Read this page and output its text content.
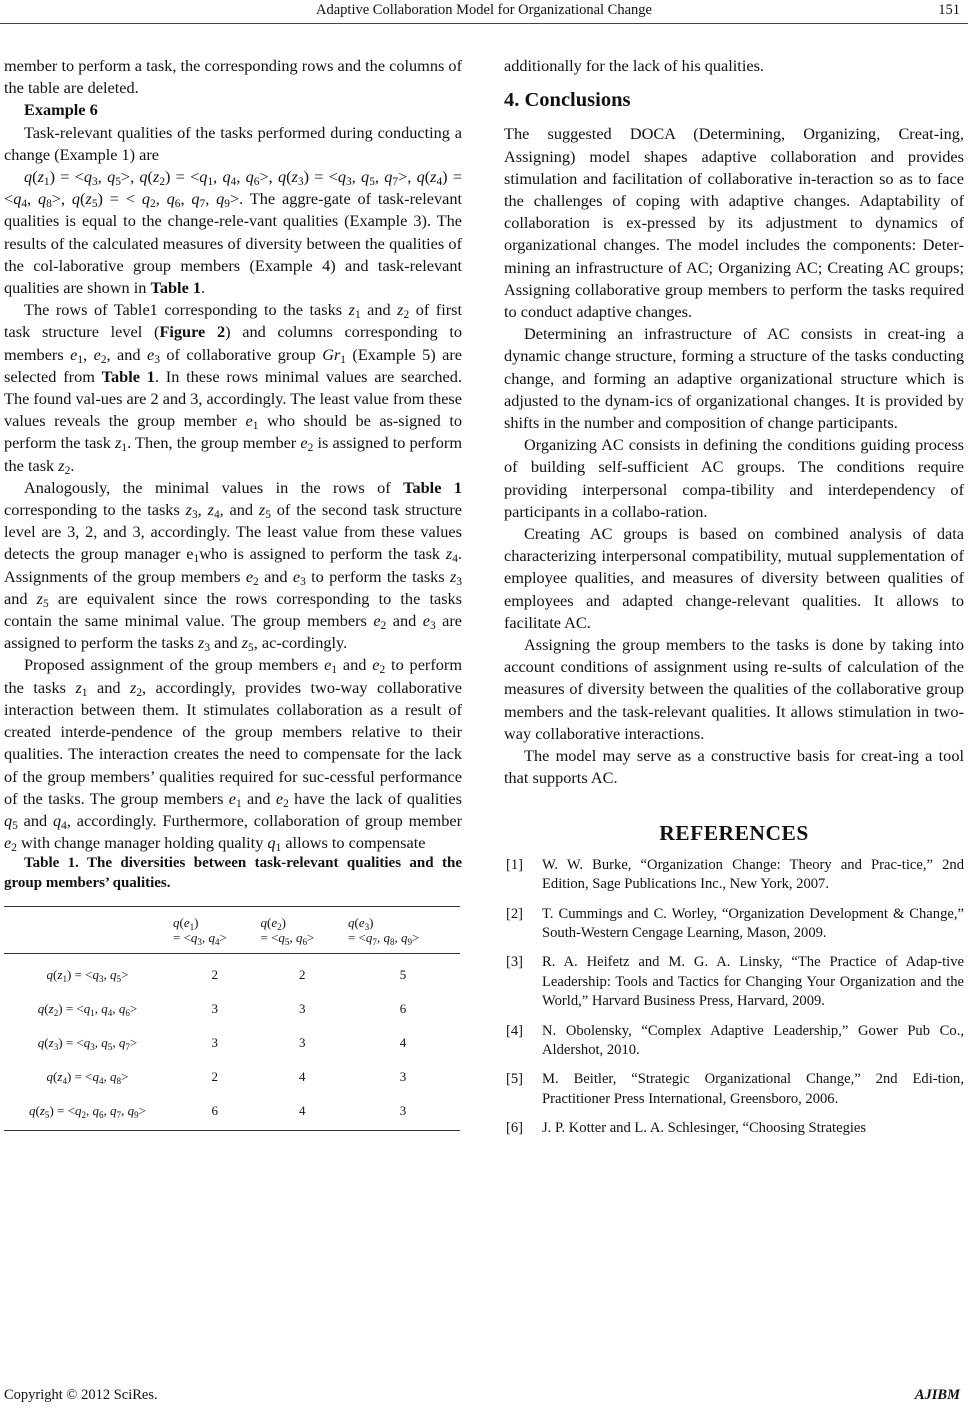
Adaptive Collaboration Model for Organizational Change	151

member to perform a task, the corresponding rows and the columns of the table are deleted.

Example 6

Task-relevant qualities of the tasks performed during conducting a change (Example 1) are

$q(z_1) = <q_3$, $q_5>$, $q(z_2) = <q_1$, $q_4$, $q_6>$, $q(z_3) = <q_3$, $q_5$, $q_7>$, $q(z_4) = <q_4$, $q_8>$, $q(z_5)$ = < $q_2$, $q_6$, $q_7$, $q_9>$. The aggre-gate of task-relevant qualities is equal to the change-rele-vant qualities (Example 3). The results of the calculated measures of diversity between the qualities of the col-laborative group members (Example 4) and task-relevant qualities are shown in Table 1.

The rows of Table1 corresponding to the tasks $z_1$ and $z_2$ of first task structure level (Figure 2) and columns corresponding to members $e_1$, $e_2$, and $e_3$ of collaborative group $Gr_1$ (Example 5) are selected from Table 1. In these rows minimal values are searched. The found val-ues are 2 and 3, accordingly. The least value from these values reveals the group member $e_1$ who should be as-signed to perform the task $z_1$. Then, the group member $e_2$ is assigned to perform the task $z_2$.

Analogously, the minimal values in the rows of Table 1 corresponding to the tasks $z_3$, $z_4$, and $z_5$ of the second task structure level are 3, 2, and 3, accordingly. The least value from these values detects the group manager $e_1who$ is assigned to perform the task $z_4$. Assignments of the group members $e_2$ and $e_3$ to perform the tasks $z_3$ and $z_5$ are equivalent since the rows corresponding to the tasks contain the same minimal value. The group members $e_2$ and $e_3$ are assigned to perform the tasks $z_3$ and $z_5$, ac-cordingly.

Proposed assignment of the group members $e_1$ and $e_2$ to perform the tasks $z_1$ and $z_2$, accordingly, provides two-way collaborative interaction between them. It stimulates collaboration as a result of created interde-pendence of the group members relative to their qualities. The interaction creates the need to compensate for the lack of the group members’ qualities required for suc-cessful performance of the tasks. The group members $e_1$ and $e_2$ have the lack of qualities $q_5$ and $q_4$, accordingly. Furthermore, collaboration of group member $e_2$ with change manager holding quality $q_1$ allows to compensate

Table 1. The diversities between task-relevant qualities and the group members’ qualities.

	$q(e_1)$
= $<q_3$, $q_4>$	$q(e_2)$
= $<q_5$, $q_6>$	$q(e_3)$
= $<q_7$, $q_8$, $q_9>$
$q(z_1) = <q_3$, $q_5>$	2	2	5
$q(z_2) = <q_1$, $q_4$, $q_6>$	3	3	6
$q(z_3) = <q_3$, $q_5$, $q_7>$	3	3	4
$q(z_4) = <q_4$, $q_8>$	2	4	3
$q(z_5) = <q_2$, $q_6$, $q_7$, $q_9>$	6	4	3

additionally for the lack of his qualities.

4. Conclusions

The suggested DOCA (Determining, Organizing, Creat-ing, Assigning) model shapes adaptive collaboration and provides stimulation and facilitation of collaborative in-teraction so as to face the challenges of coping with adaptive changes. Adaptability of collaboration is ex-pressed by its adjustment to dynamics of organizational changes. The model includes the components: Deter-mining an infrastructure of AC; Organizing AC; Creating AC groups; Assigning collaborative group members to perform the tasks required to conduct adaptive changes.

Determining an infrastructure of AC consists in creat-ing a dynamic change structure, forming a structure of the tasks conducting change, and forming an adaptive organizational structure which is adjusted to the dynam-ics of organizational changes. It is provided by shifts in the number and composition of change participants.

Organizing AC consists in defining the conditions guiding process of building self-sufficient AC groups. The conditions require providing interpersonal compa-tibility and interdependency of participants in a collabo-ration.

Creating AC groups is based on combined analysis of data characterizing interpersonal compatibility, mutual supplementation of employee qualities, and measures of diversity between qualities of employees and adapted change-relevant qualities. It allows to facilitate AC.

Assigning the group members to the tasks is done by taking into account conditions of assignment using re-sults of calculation of the measures of diversity between the qualities of the collaborative group members and the task-relevant qualities. It allows stimulation in two-way collaborative interactions.

The model may serve as a constructive basis for creat-ing a tool that supports AC.

REFERENCES
[1] W. W. Burke, “Organization Change: Theory and Prac-tice,” 2nd Edition, Sage Publications Inc., New York, 2007.
[2] T. Cummings and C. Worley, “Organization Development & Change,” South-Western Cengage Learning, Mason, 2009.
[3] R. A. Heifetz and M. G. A. Linsky, “The Practice of Adap-tive Leadership: Tools and Tactics for Changing Your Organization and the World,” Harvard Business Press, Harvard, 2009.
[4] N. Obolensky, “Complex Adaptive Leadership,” Gower Pub Co., Aldershot, 2010.
[5] M. Beitler, “Strategic Organizational Change,” 2nd Edi-tion, Practitioner Press International, Greensboro, 2006.
[6] J. P. Kotter and L. A. Schlesinger, “Choosing Strategies
Copyright © 2012 SciRes.	AJIBM
